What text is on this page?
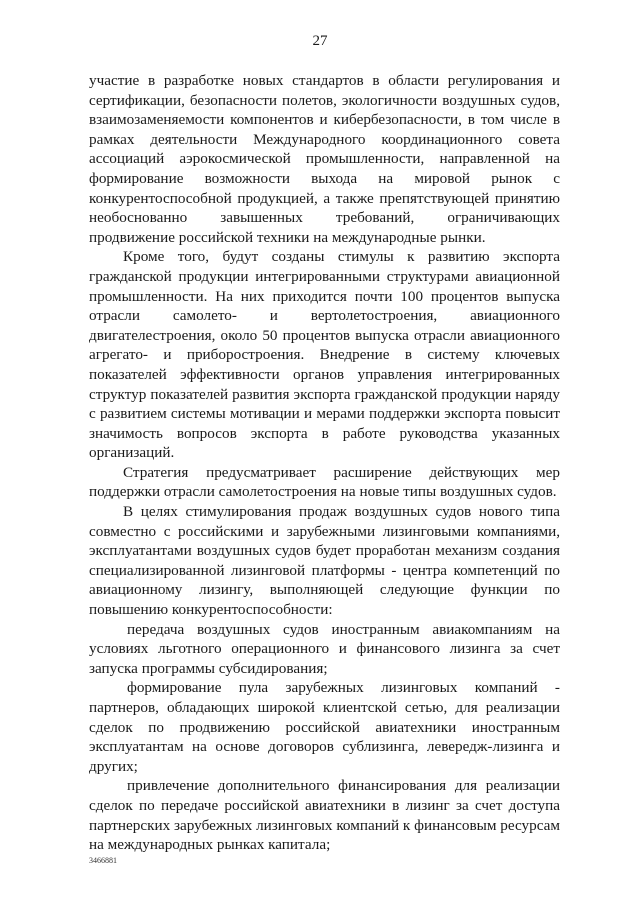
27

участие в разработке новых стандартов в области регулирования и сертификации, безопасности полетов, экологичности воздушных судов, взаимозаменяемости компонентов и кибербезопасности, в том числе в рамках деятельности Международного координационного совета ассоциаций аэрокосмической промышленности, направленной на формирование возможности выхода на мировой рынок с конкурентоспособной продукцией, а также препятствующей принятию необоснованно завышенных требований, ограничивающих продвижение российской техники на международные рынки.

Кроме того, будут созданы стимулы к развитию экспорта гражданской продукции интегрированными структурами авиационной промышленности. На них приходится почти 100 процентов выпуска отрасли самолето- и вертолетостроения, авиационного двигателестроения, около 50 процентов выпуска отрасли авиационного агрегато- и приборостроения. Внедрение в систему ключевых показателей эффективности органов управления интегрированных структур показателей развития экспорта гражданской продукции наряду с развитием системы мотивации и мерами поддержки экспорта повысит значимость вопросов экспорта в работе руководства указанных организаций.

Стратегия предусматривает расширение действующих мер поддержки отрасли самолетостроения на новые типы воздушных судов.

В целях стимулирования продаж воздушных судов нового типа совместно с российскими и зарубежными лизинговыми компаниями, эксплуатантами воздушных судов будет проработан механизм создания специализированной лизинговой платформы - центра компетенций по авиационному лизингу, выполняющей следующие функции по повышению конкурентоспособности:

передача воздушных судов иностранным авиакомпаниям на условиях льготного операционного и финансового лизинга за счет запуска программы субсидирования;

формирование пула зарубежных лизинговых компаний - партнеров, обладающих широкой клиентской сетью, для реализации сделок по продвижению российской авиатехники иностранным эксплуатантам на основе договоров сублизинга, левередж-лизинга и других;

привлечение дополнительного финансирования для реализации сделок по передаче российской авиатехники в лизинг за счет доступа партнерских зарубежных лизинговых компаний к финансовым ресурсам на международных рынках капитала;

3466881
